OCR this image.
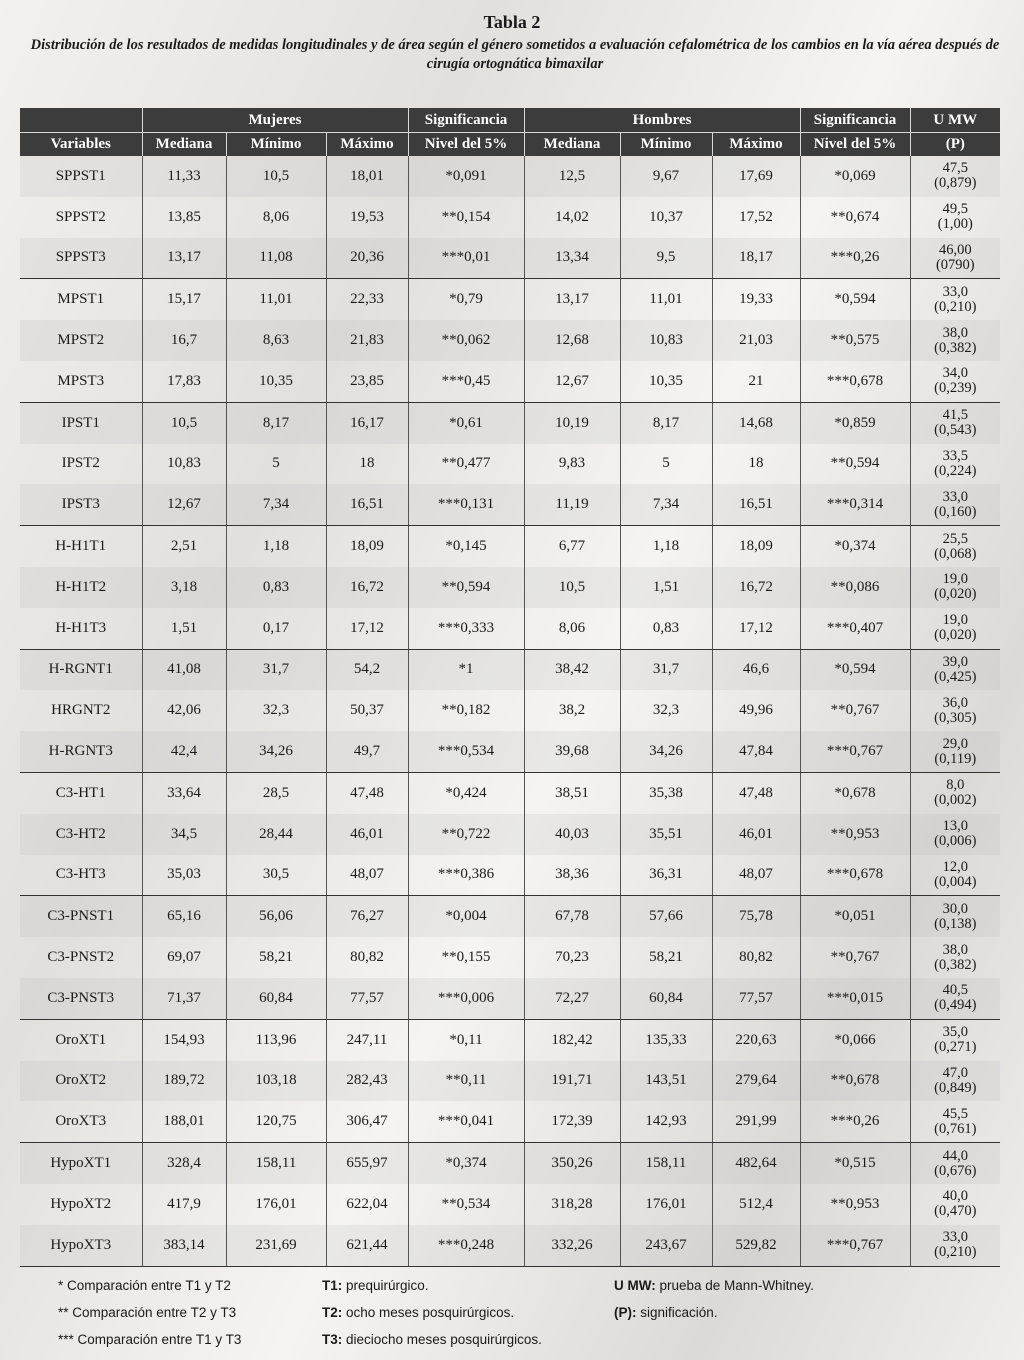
Tabla 2
Distribución de los resultados de medidas longitudinales y de área según el género sometidos a evaluación cefalométrica de los cambios en la vía aérea después de cirugía ortognática bimaxilar
	Mujeres			Significancia	Hombres			Significancia	U MW
Variables	Mediana	Mínimo	Máximo	Nivel del 5%	Mediana	Mínimo	Máximo	Nivel del 5%	(P)
SPPST1	11,33	10,5	18,01	*0,091	12,5	9,67	17,69	*0,069	47,5
(0,879)

SPPST2	13,85	8,06	19,53	**0,154	14,02	10,37	17,52	**0,674	49,5
(1,00)

SPPST3	13,17	11,08	20,36	***0,01	13,34	9,5	18,17	***0,26	46,00
(0790)

MPST1	15,17	11,01	22,33	*0,79	13,17	11,01	19,33	*0,594	33,0
(0,210)

MPST2	16,7	8,63	21,83	**0,062	12,68	10,83	21,03	**0,575	38,0
(0,382)

MPST3	17,83	10,35	23,85	***0,45	12,67	10,35	21	***0,678	34,0
(0,239)

IPST1	10,5	8,17	16,17	*0,61	10,19	8,17	14,68	*0,859	41,5
(0,543)

IPST2	10,83	5	18	**0,477	9,83	5	18	**0,594	33,5
(0,224)

IPST3	12,67	7,34	16,51	***0,131	11,19	7,34	16,51	***0,314	33,0
(0,160)

H-H1T1	2,51	1,18	18,09	*0,145	6,77	1,18	18,09	*0,374	25,5
(0,068)

H-H1T2	3,18	0,83	16,72	**0,594	10,5	1,51	16,72	**0,086	19,0
(0,020)

H-H1T3	1,51	0,17	17,12	***0,333	8,06	0,83	17,12	***0,407	19,0
(0,020)

H-RGNT1	41,08	31,7	54,2	*1	38,42	31,7	46,6	*0,594	39,0
(0,425)

HRGNT2	42,06	32,3	50,37	**0,182	38,2	32,3	49,96	**0,767	36,0
(0,305)

H-RGNT3	42,4	34,26	49,7	***0,534	39,68	34,26	47,84	***0,767	29,0
(0,119)

C3-HT1	33,64	28,5	47,48	*0,424	38,51	35,38	47,48	*0,678	8,0
(0,002)

C3-HT2	34,5	28,44	46,01	**0,722	40,03	35,51	46,01	**0,953	13,0
(0,006)

C3-HT3	35,03	30,5	48,07	***0,386	38,36	36,31	48,07	***0,678	12,0
(0,004)

C3-PNST1	65,16	56,06	76,27	*0,004	67,78	57,66	75,78	*0,051	30,0
(0,138)

C3-PNST2	69,07	58,21	80,82	**0,155	70,23	58,21	80,82	**0,767	38,0
(0,382)

C3-PNST3	71,37	60,84	77,57	***0,006	72,27	60,84	77,57	***0,015	40,5
(0,494)

OroXT1	154,93	113,96	247,11	*0,11	182,42	135,33	220,63	*0,066	35,0
(0,271)

OroXT2	189,72	103,18	282,43	**0,11	191,71	143,51	279,64	**0,678	47,0
(0,849)

OroXT3	188,01	120,75	306,47	***0,041	172,39	142,93	291,99	***0,26	45,5
(0,761)

HypoXT1	328,4	158,11	655,97	*0,374	350,26	158,11	482,64	*0,515	44,0
(0,676)

HypoXT2	417,9	176,01	622,04	**0,534	318,28	176,01	512,4	**0,953	40,0
(0,470)

HypoXT3	383,14	231,69	621,44	***0,248	332,26	243,67	529,82	***0,767	33,0
(0,210)
* Comparación entre T1 y T2
** Comparación entre T2 y T3
*** Comparación entre T1 y T3
T1: prequirúrgico.
T2: ocho meses posquirúrgicos.
T3: dieciocho meses posquirúrgicos.
U MW: prueba de Mann-Whitney.
(P): significación.
